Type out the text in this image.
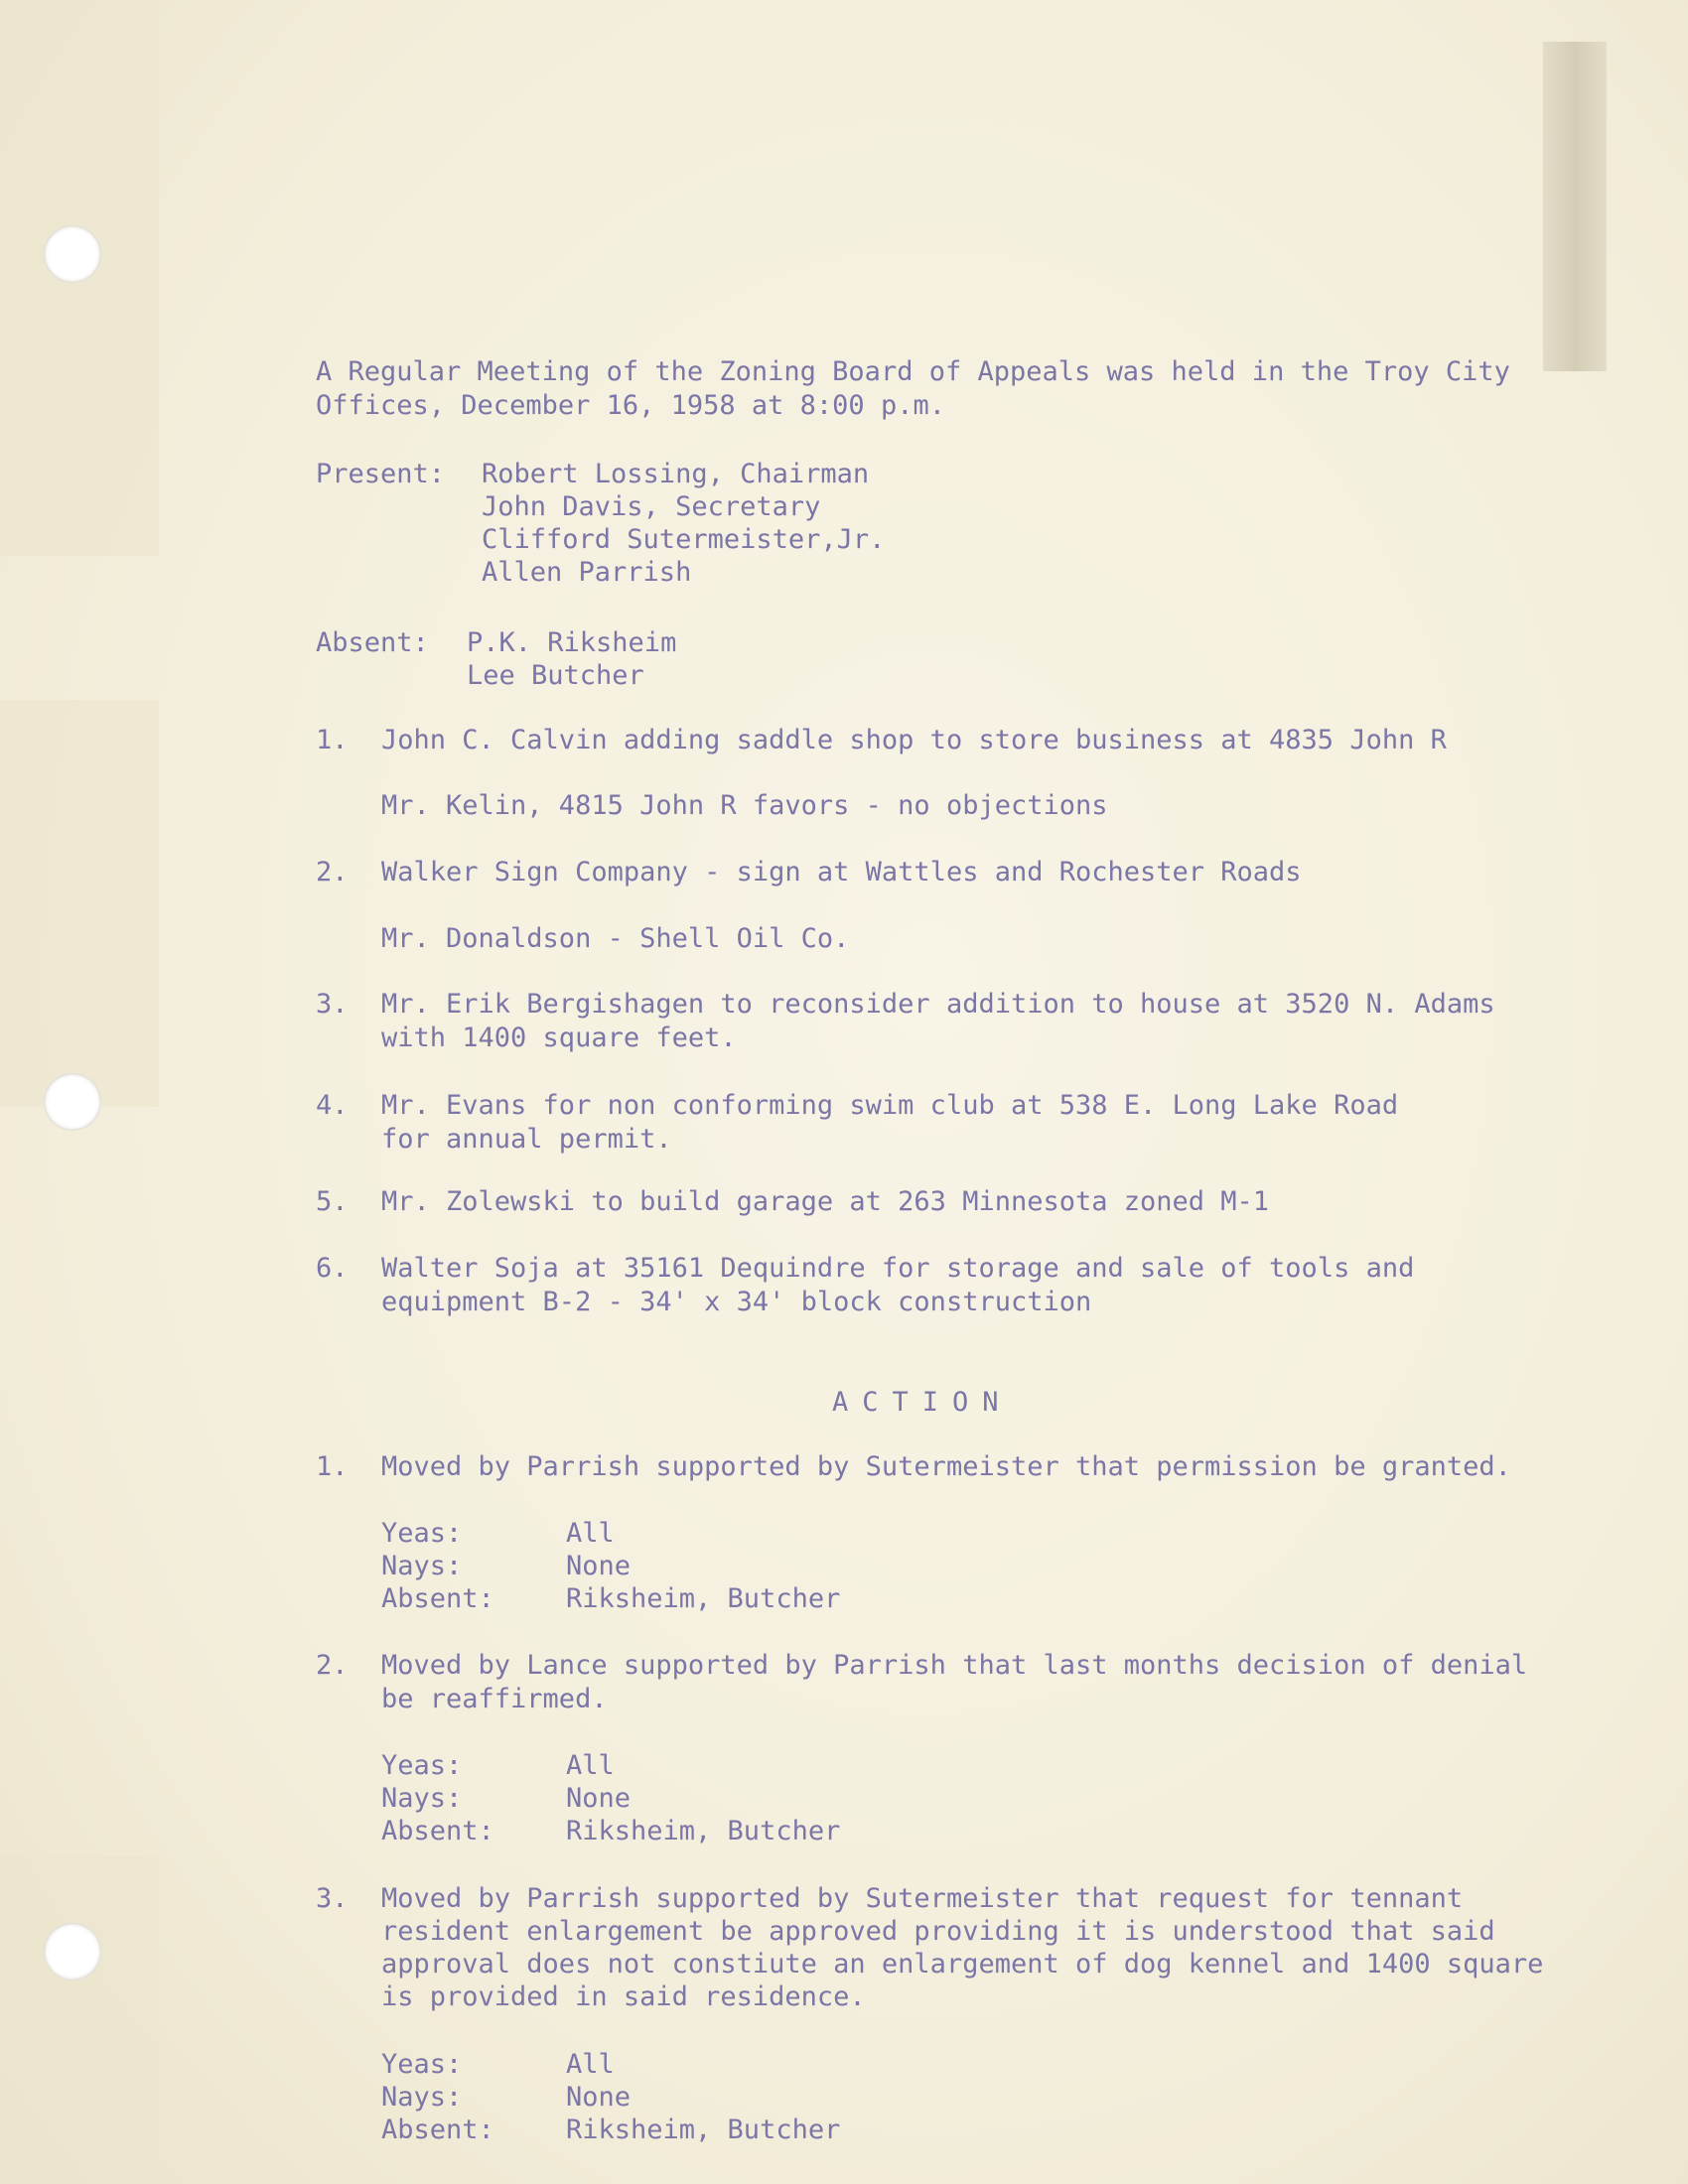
A Regular Meeting of the Zoning Board of Appeals was held in the Troy City
Offices, December 16, 1958 at 8:00 p.m.
Present: Robert Lossing, Chairman
John Davis, Secretary
Clifford Sutermeister,Jr.
Allen Parrish
Absent: P.K. Riksheim
Lee Butcher
1. John C. Calvin adding saddle shop to store business at 4835 John R
Mr. Kelin, 4815 John R favors - no objections
2. Walker Sign Company - sign at Wattles and Rochester Roads
Mr. Donaldson - Shell Oil Co.
3. Mr. Erik Bergishagen to reconsider addition to house at 3520 N. Adams
with 1400 square feet.
4. Mr. Evans for non conforming swim club at 538 E. Long Lake Road
for annual permit.
5. Mr. Zolewski to build garage at 263 Minnesota zoned M-1
6. Walter Soja at 35161 Dequindre for storage and sale of tools and
equipment B-2 - 34' x 34' block construction
ACTION
1. Moved by Parrish supported by Sutermeister that permission be granted.
Yeas:	All
Nays:	None
Absent:	Riksheim, Butcher
2. Moved by Lance supported by Parrish that last months decision of denial
be reaffirmed.
Yeas:	All
Nays:	None
Absent:	Riksheim, Butcher
3. Moved by Parrish supported by Sutermeister that request for tennant
resident enlargement be approved providing it is understood that said
approval does not constiute an enlargement of dog kennel and 1400 square
is provided in said residence.
Yeas:	All
Nays:	None
Absent:	Riksheim, Butcher
